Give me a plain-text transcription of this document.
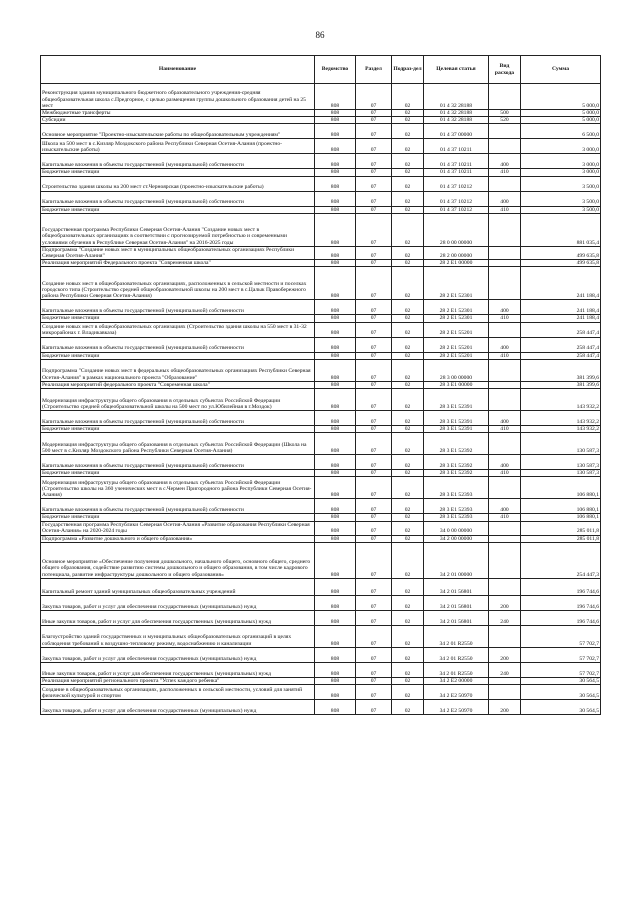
86
Наименование	Ведомство	Раздел	Подраз-дел	Целевая статья	Вид расхода	Сумма
Реконструкция здания муниципального бюджетного образовательного учреждения-средняя общеобразовательная школа с.Предгорное, с целью размещения группы дошкольного образования детей на 25 мест	808	07	02	01 4 32 28188		5 000,0
Межбюджетные трансферты	808	07	02	01 4 32 28188	500	5 000,0
Субсидии	808	07	02	01 4 32 28188	520	5 000,0
Основное мероприятие "Проектно-изыскательские работы по общеобразовательным учреждениям"	808	07	02	01 4 37 00000		6 500,0
Школа на 500 мест в с.Кизляр Моздокского района Республики Северная Осетия-Алания (проектно-изыскательские работы)	808	07	02	01 4 37 10211		3 000,0
Капитальные вложения в объекты государственной (муниципальной) собственности	808	07	02	01 4 37 10211	400	3 000,0
Бюджетные инвестиции	808	07	02	01 4 37 10211	410	3 000,0
Строительство здания школы на 200 мест ст.Черноярская (проектно-изыскательские работы)	808	07	02	01 4 37 10212		3 500,0
Капитальные вложения в объекты государственной (муниципальной) собственности	808	07	02	01 4 37 10212	400	3 500,0
Бюджетные инвестиции	808	07	02	01 4 37 10212	410	3 500,0
Государственная программа Республики Северная Осетия-Алания "Создание новых мест в общеобразовательных организациях в соответствии с прогнозируемой потребностью и современными условиями обучения в Республике Северная Осетия-Алания" на 2016-2025 годы	808	07	02	28 0 00 00000		881 035,4
Подпрограмма "Создание новых мест в муниципальных общеобразовательных организациях Республики Северная Осетия-Алания"	808	07	02	28 2 00 00000		499 635,8
Реализация мероприятий Федерального проекта "Современная школа"	808	07	02	28 2 E1 00000		499 635,8
Создание новых мест в общеобразовательных организациях, расположенных в сельской местности и поселках городского типа (Строительство средней общеобразовательной школы на 200 мест в с.Цалык Правобережного района Республики Северная Осетия-Алания)	808	07	02	28 2 E1 52301		241 188,4
Капитальные вложения в объекты государственной (муниципальной) собственности	808	07	02	28 2 E1 52301	400	241 188,4
Бюджетные инвестиции	808	07	02	28 2 E1 52301	410	241 188,4
Создание новых мест в общеобразовательных организациях (Строительство здания школы на 550 мест в 31-32 микрорайонах г. Владикавказа)	808	07	02	28 2 E1 55201		258 447,4
Капитальные вложения в объекты государственной (муниципальной) собственности	808	07	02	28 2 E1 55201	400	258 447,4
Бюджетные инвестиции	808	07	02	28 2 E1 55201	410	258 447,4
Подпрограмма "Создание новых мест в федеральных общеобразовательных организациях Республики Северная Осетия-Алания" в рамках национального проекта "Образование"	808	07	02	28 3 00 00000		381 399,6
Реализация мероприятий федерального проекта "Современная школа"	808	07	02	28 3 E1 00000		381 399,6
Модернизация инфраструктуры общего образования в отдельных субъектах Российской Федерации (Строительство средней общеобразовательной школы на 500 мест по ул.Юбилейная в г.Моздок)	808	07	02	28 3 E1 52391		143 932,2
Капитальные вложения в объекты государственной (муниципальной) собственности	808	07	02	28 3 E1 52391	400	143 932,2
Бюджетные инвестиции	808	07	02	28 3 E1 52391	410	143 932,2
Модернизация инфраструктуры общего образования в отдельных субъектах Российской Федерации (Школа на 500 мест в с.Кизляр Моздокского района Республики Северная Осетия-Алания)	808	07	02	28 3 E1 52392		130 587,3
Капитальные вложения в объекты государственной (муниципальной) собственности	808	07	02	28 3 E1 52392	400	130 587,3
Бюджетные инвестиции	808	07	02	28 3 E1 52392	410	130 587,3
Модернизация инфраструктуры общего образования в отдельных субъектах Российской Федерации (Строительство школы на 360 ученических мест в с.Чермен Пригородного района Республики Северная Осетия-Алания)	808	07	02	28 3 E1 52393		106 880,1
Капитальные вложения в объекты государственной (муниципальной) собственности	808	07	02	28 3 E1 52393	400	106 880,1
Бюджетные инвестиции	808	07	02	28 3 E1 52393	410	106 880,1
Государственная программа Республики Северная Осетия-Алания «Развитие образования Республики Северная Осетия-Алания» на 2020-2024 годы	808	07	02	34 0 00 00000		285 011,8
Подпрограмма «Развитие дошкольного и общего образования»	808	07	02	34 2 00 00000		285 011,8
Основное мероприятие «Обеспечение получения дошкольного, начального общего, основного общего, среднего общего образования, содействие развитию системы дошкольного и общего образования, в том числе кадрового потенциала, развитие инфраструктуры дошкольного и общего образования»	808	07	02	34 2 01 00000		254 447,3
Капитальный ремонт зданий муниципальных общеобразовательных учреждений	808	07	02	34 2 01 56801		196 744,6
Закупка товаров, работ и услуг для обеспечения государственных (муниципальных) нужд	808	07	02	34 2 01 56801	200	196 744,6
Иные закупки товаров, работ и услуг для обеспечения государственных (муниципальных) нужд	808	07	02	34 2 01 56801	240	196 744,6
Благоустройство зданий государственных и муниципальных общеобразовательных организаций в целях соблюдения требований к воздушно-тепловому режиму, водоснабжению и канализации	808	07	02	34 2 01 R2550		57 702,7
Закупка товаров, работ и услуг для обеспечения государственных (муниципальных) нужд	808	07	02	34 2 01 R2550	200	57 702,7
Иные закупки товаров, работ и услуг для обеспечения государственных (муниципальных) нужд	808	07	02	34 2 01 R2550	240	57 702,7
Реализация мероприятий регионального проекта "Успех каждого ребенка"	808	07	02	34 2 E2 00000		30 564,5
Создание в общеобразовательных организациях, расположенных в сельской местности, условий для занятий физической культурой и спортом	808	07	02	34 2 E2 50970		30 564,5
Закупка товаров, работ и услуг для обеспечения государственных (муниципальных) нужд	808	07	02	34 2 E2 50970	200	30 564,5
